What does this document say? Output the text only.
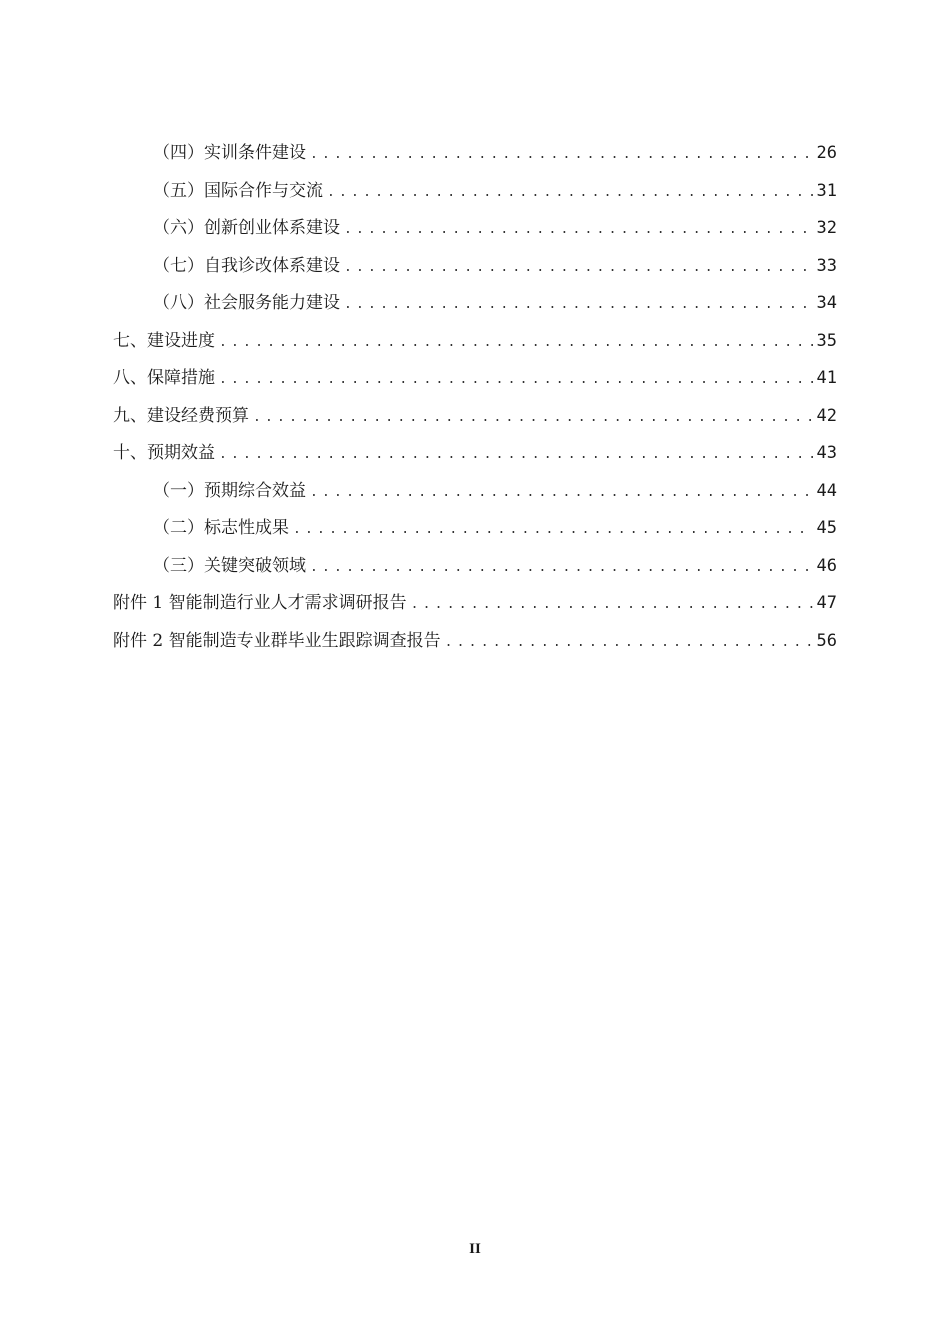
（四）实训条件建设 .....	26
（五）国际合作与交流 .....	31
（六）创新创业体系建设 .....	32
（七）自我诊改体系建设 .....	33
（八）社会服务能力建设 .....	34
七、建设进度 .....	35
八、保障措施 .....	41
九、建设经费预算 .....	42
十、预期效益 .....	43
（一）预期综合效益 .....	44
（二）标志性成果 .....	45
（三）关键突破领域 .....	46
附件 1 智能制造行业人才需求调研报告 .....	47
附件 2 智能制造专业群毕业生跟踪调查报告 .....	56
II
